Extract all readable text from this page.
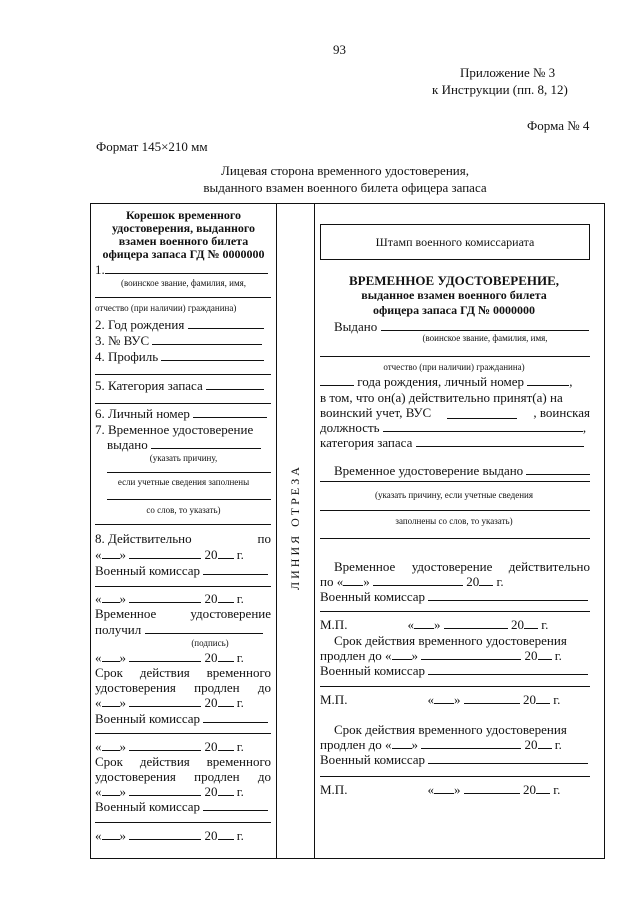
93
Приложение № 3
к Инструкции (пп. 8, 12)
Форма № 4
Формат 145×210 мм
Лицевая сторона временного удостоверения,
выданного взамен военного билета офицера запаса
ЛИНИЯ ОТРЕЗА
Корешок временного
удостоверения, выданного
взамен военного билета
офицера запаса ГД № 0000000
1.
(воинское звание, фамилия, имя,
отчество (при наличии) гражданина)
2. Год рождения
3. № ВУС
4. Профиль
5. Категория запаса
6. Личный номер
7. Временное удостоверение
выдано
(указать причину,
если учетные сведения заполнены
со слов, то указать)
8. Действительно	по
« »	20 г.
Военный комиссар
« »	20 г.
Временное	удостоверение
получил
(подпись)
« »	20 г.
Срок действия временного
удостоверения продлен до
« »	20 г.
Военный комиссар
« »	20 г.
Срок действия временного
удостоверения продлен до
« »	20 г.
Военный комиссар
« »	20 г.
Штамп военного комиссариата
ВРЕМЕННОЕ УДОСТОВЕРЕНИЕ,
выданное взамен военного билета
офицера запаса ГД № 0000000
Выдано
(воинское звание, фамилия, имя,
отчество (при наличии) гражданина)
года рождения, личный номер	,
в том, что он(а) действительно принят(а) на
воинский учет, ВУС	, воинская
должность	,
категория запаса
Временное удостоверение выдано
(указать причину, если учетные сведения
заполнены со слов, то указать)
Временное удостоверение действительно
по « »	20 г.
Военный комиссар
М.П.	« »	20 г.
Срок действия временного удостоверения
продлен до « »	20 г.
Военный комиссар
М.П.	« »	20 г.
Срок действия временного удостоверения
продлен до « »	20 г.
Военный комиссар
М.П.	« »	20 г.
